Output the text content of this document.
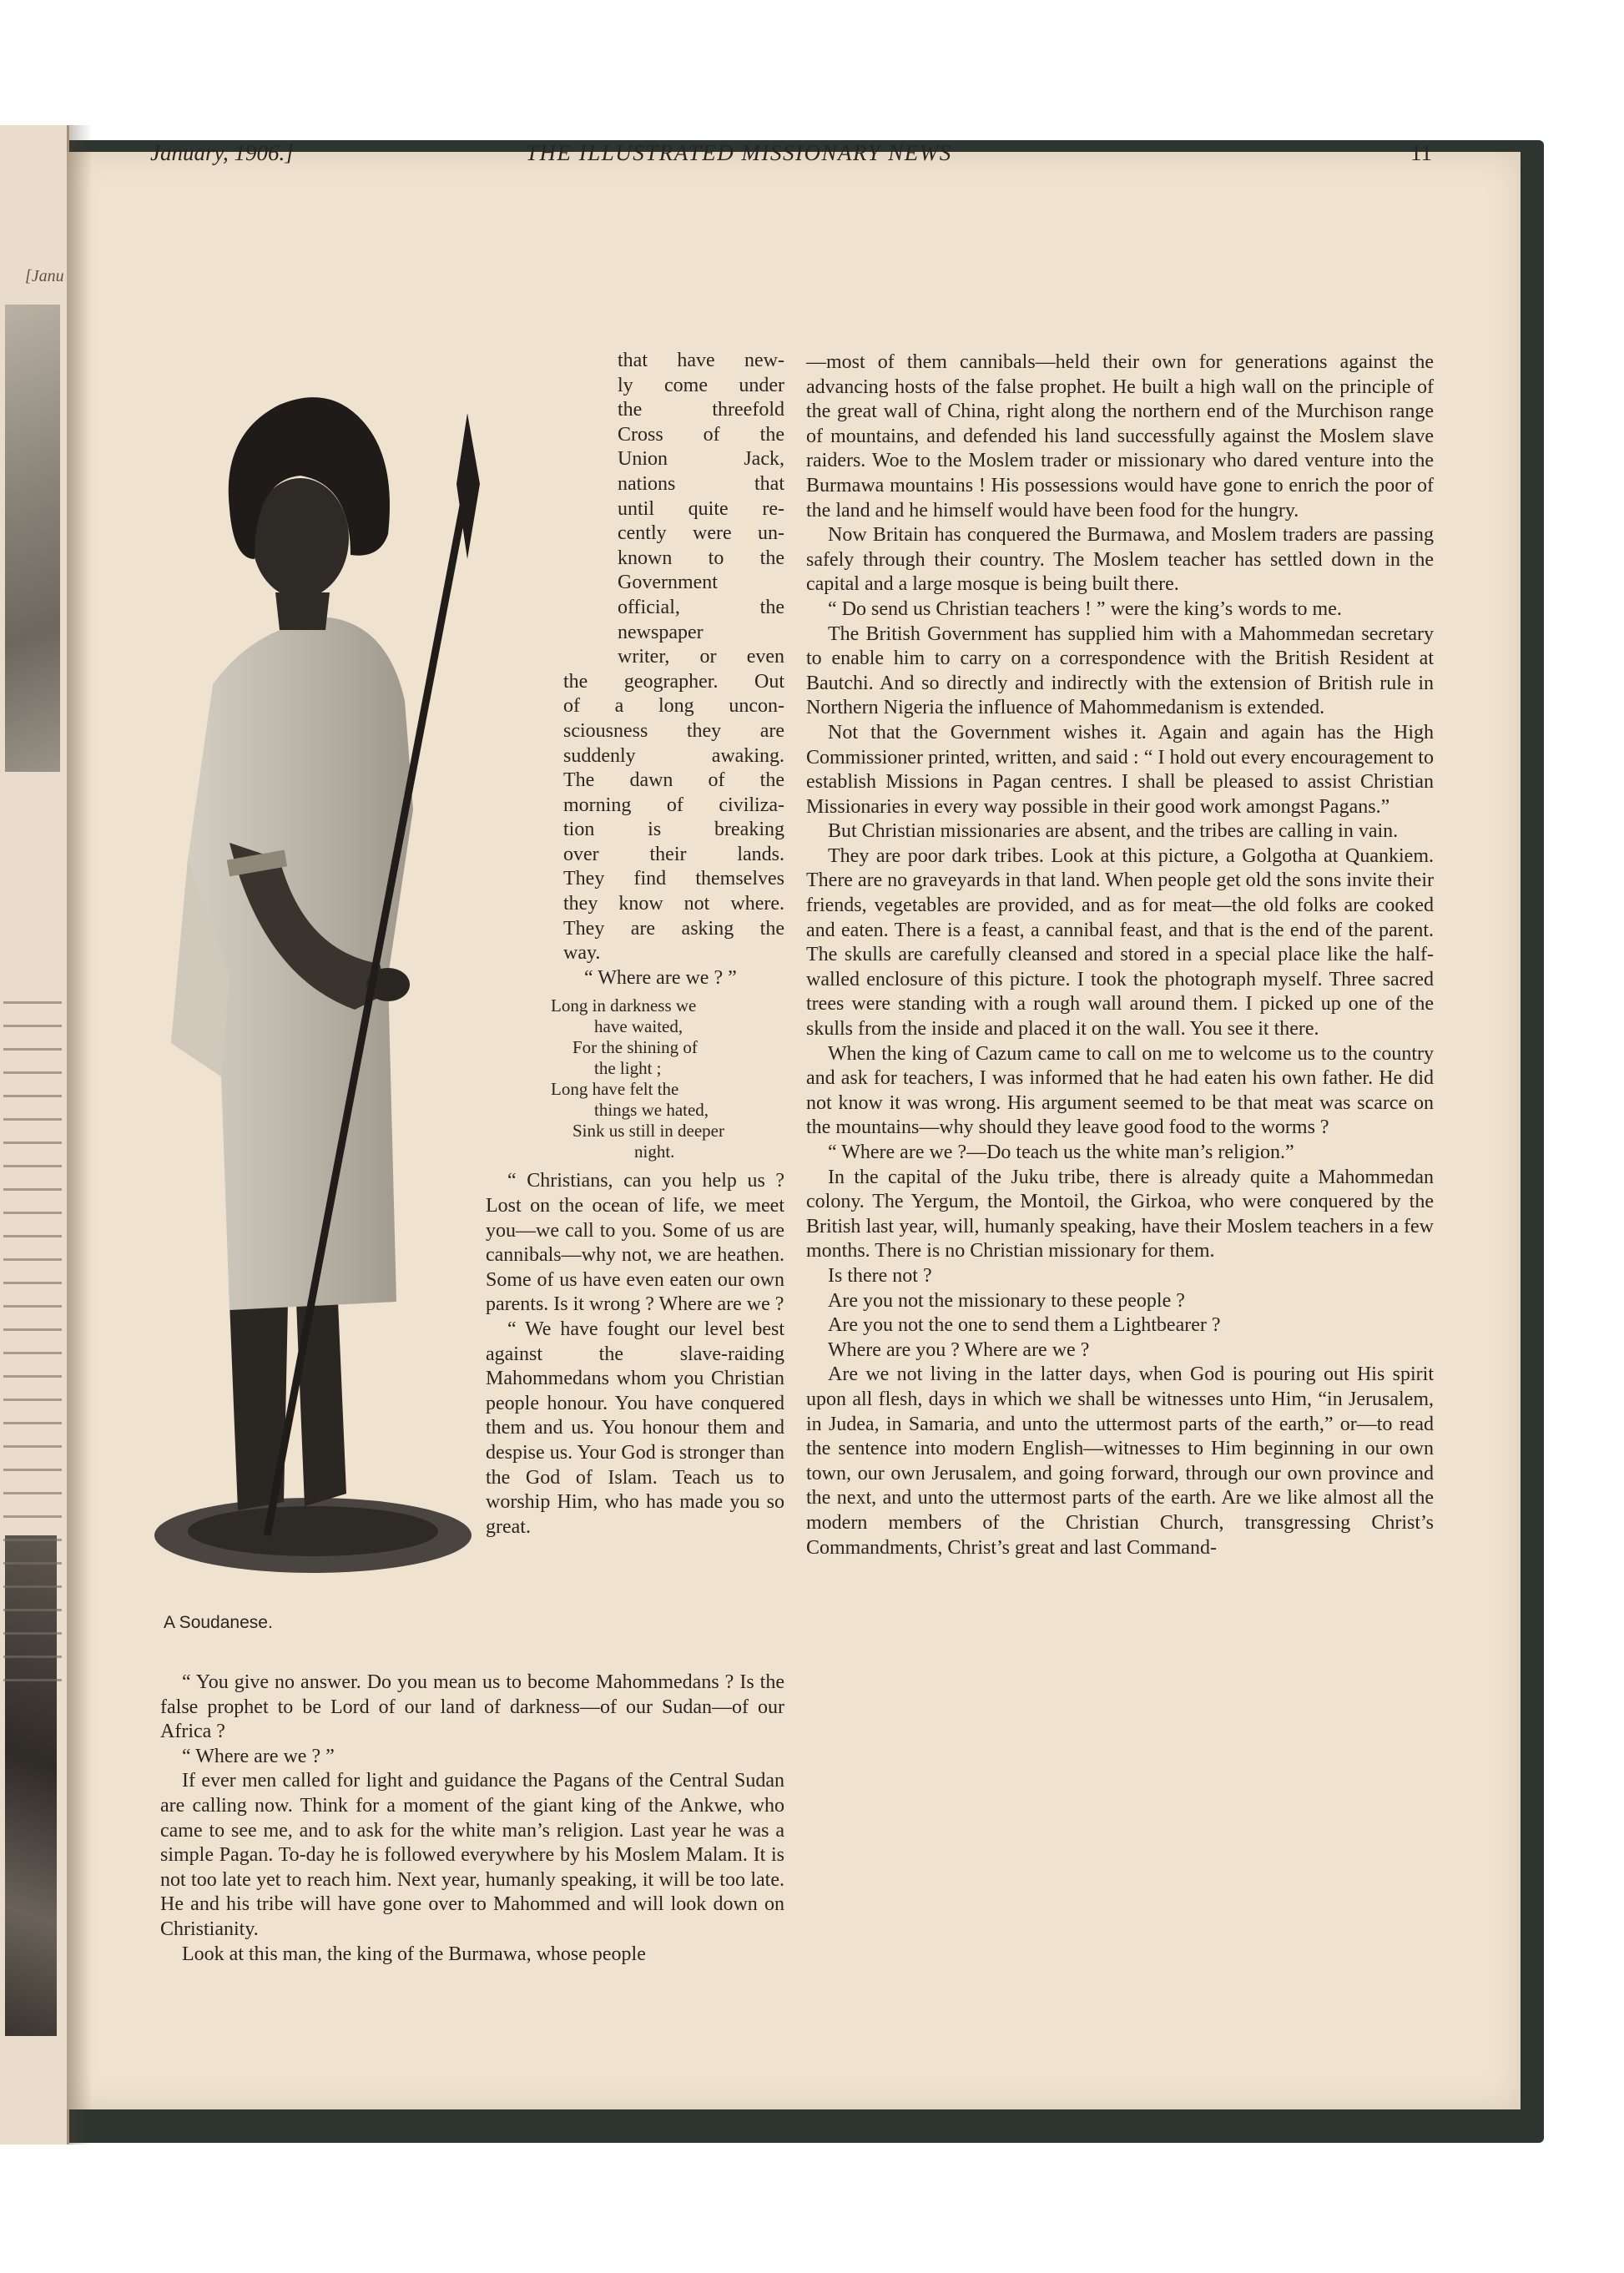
[Janu
January, 1906.]	THE ILLUSTRATED MISSIONARY NEWS	11
A Soudanese.
that have new-
ly come under
the threefold
Cross of the
Union Jack,
nations that
until quite re-
cently were un-
known to the
Government
official, the
newspaper
writer, or even
the geographer. Out
of a long uncon-
sciousness they are
suddenly awaking.
The dawn of the
morning of civiliza-
tion is breaking
over their lands.
They find themselves
they know not where.
They are asking the
way.
“ Where are we ? ”
Long in darkness we
have waited,
For the shining of
the light ;
Long have felt the
things we hated,
Sink us still in deeper
night.

“ Christians, can you help us ? Lost on the ocean of life, we meet you—we call to you. Some of us are cannibals—why not, we are heathen. Some of us have even eaten our own parents. Is it wrong ? Where are we ?

“ We have fought our level best against the slave-raiding Mahommedans whom you Christian people honour. You have conquered them and us. You honour them and despise us. Your God is stronger than the God of Islam. Teach us to worship Him, who has made you so great.

“ You give no answer. Do you mean us to become Mahommedans ? Is the false prophet to be Lord of our land of darkness—of our Sudan—of our Africa ?

“ Where are we ? ”

If ever men called for light and guidance the Pagans of the Central Sudan are calling now. Think for a moment of the giant king of the Ankwe, who came to see me, and to ask for the white man’s religion. Last year he was a simple Pagan. To-day he is followed everywhere by his Moslem Malam. It is not too late yet to reach him. Next year, humanly speaking, it will be too late. He and his tribe will have gone over to Mahommed and will look down on Christianity.

Look at this man, the king of the Burmawa, whose people

—most of them cannibals—held their own for generations against the advancing hosts of the false prophet. He built a high wall on the principle of the great wall of China, right along the northern end of the Murchison range of mountains, and defended his land successfully against the Moslem slave raiders. Woe to the Moslem trader or missionary who dared venture into the Burmawa mountains ! His possessions would have gone to enrich the poor of the land and he himself would have been food for the hungry.

Now Britain has conquered the Burmawa, and Moslem traders are passing safely through their country. The Moslem teacher has settled down in the capital and a large mosque is being built there.

“ Do send us Christian teachers ! ” were the king’s words to me.

The British Government has supplied him with a Mahommedan secretary to enable him to carry on a correspondence with the British Resident at Bautchi. And so directly and indirectly with the extension of British rule in Northern Nigeria the influence of Mahommedanism is extended.

Not that the Government wishes it. Again and again has the High Commissioner printed, written, and said : “ I hold out every encouragement to establish Missions in Pagan centres. I shall be pleased to assist Christian Missionaries in every way possible in their good work amongst Pagans.”

But Christian missionaries are absent, and the tribes are calling in vain.

They are poor dark tribes. Look at this picture, a Golgotha at Quankiem. There are no graveyards in that land. When people get old the sons invite their friends, vegetables are provided, and as for meat—the old folks are cooked and eaten. There is a feast, a cannibal feast, and that is the end of the parent. The skulls are carefully cleansed and stored in a special place like the half-walled enclosure of this picture. I took the photograph myself. Three sacred trees were standing with a rough wall around them. I picked up one of the skulls from the inside and placed it on the wall. You see it there.

When the king of Cazum came to call on me to welcome us to the country and ask for teachers, I was informed that he had eaten his own father. He did not know it was wrong. His argument seemed to be that meat was scarce on the mountains—why should they leave good food to the worms ?

“ Where are we ?—Do teach us the white man’s religion.”

In the capital of the Juku tribe, there is already quite a Mahommedan colony. The Yergum, the Montoil, the Girkoa, who were conquered by the British last year, will, humanly speaking, have their Moslem teachers in a few months. There is no Christian missionary for them.

Is there not ?

Are you not the missionary to these people ?

Are you not the one to send them a Lightbearer ?

Where are you ? Where are we ?

Are we not living in the latter days, when God is pouring out His spirit upon all flesh, days in which we shall be witnesses unto Him, “in Jerusalem, in Judea, in Samaria, and unto the uttermost parts of the earth,” or—to read the sentence into modern English—witnesses to Him beginning in our own town, our own Jerusalem, and going forward, through our own province and the next, and unto the uttermost parts of the earth. Are we like almost all the modern members of the Christian Church, transgressing Christ’s Commandments, Christ’s great and last Command-
